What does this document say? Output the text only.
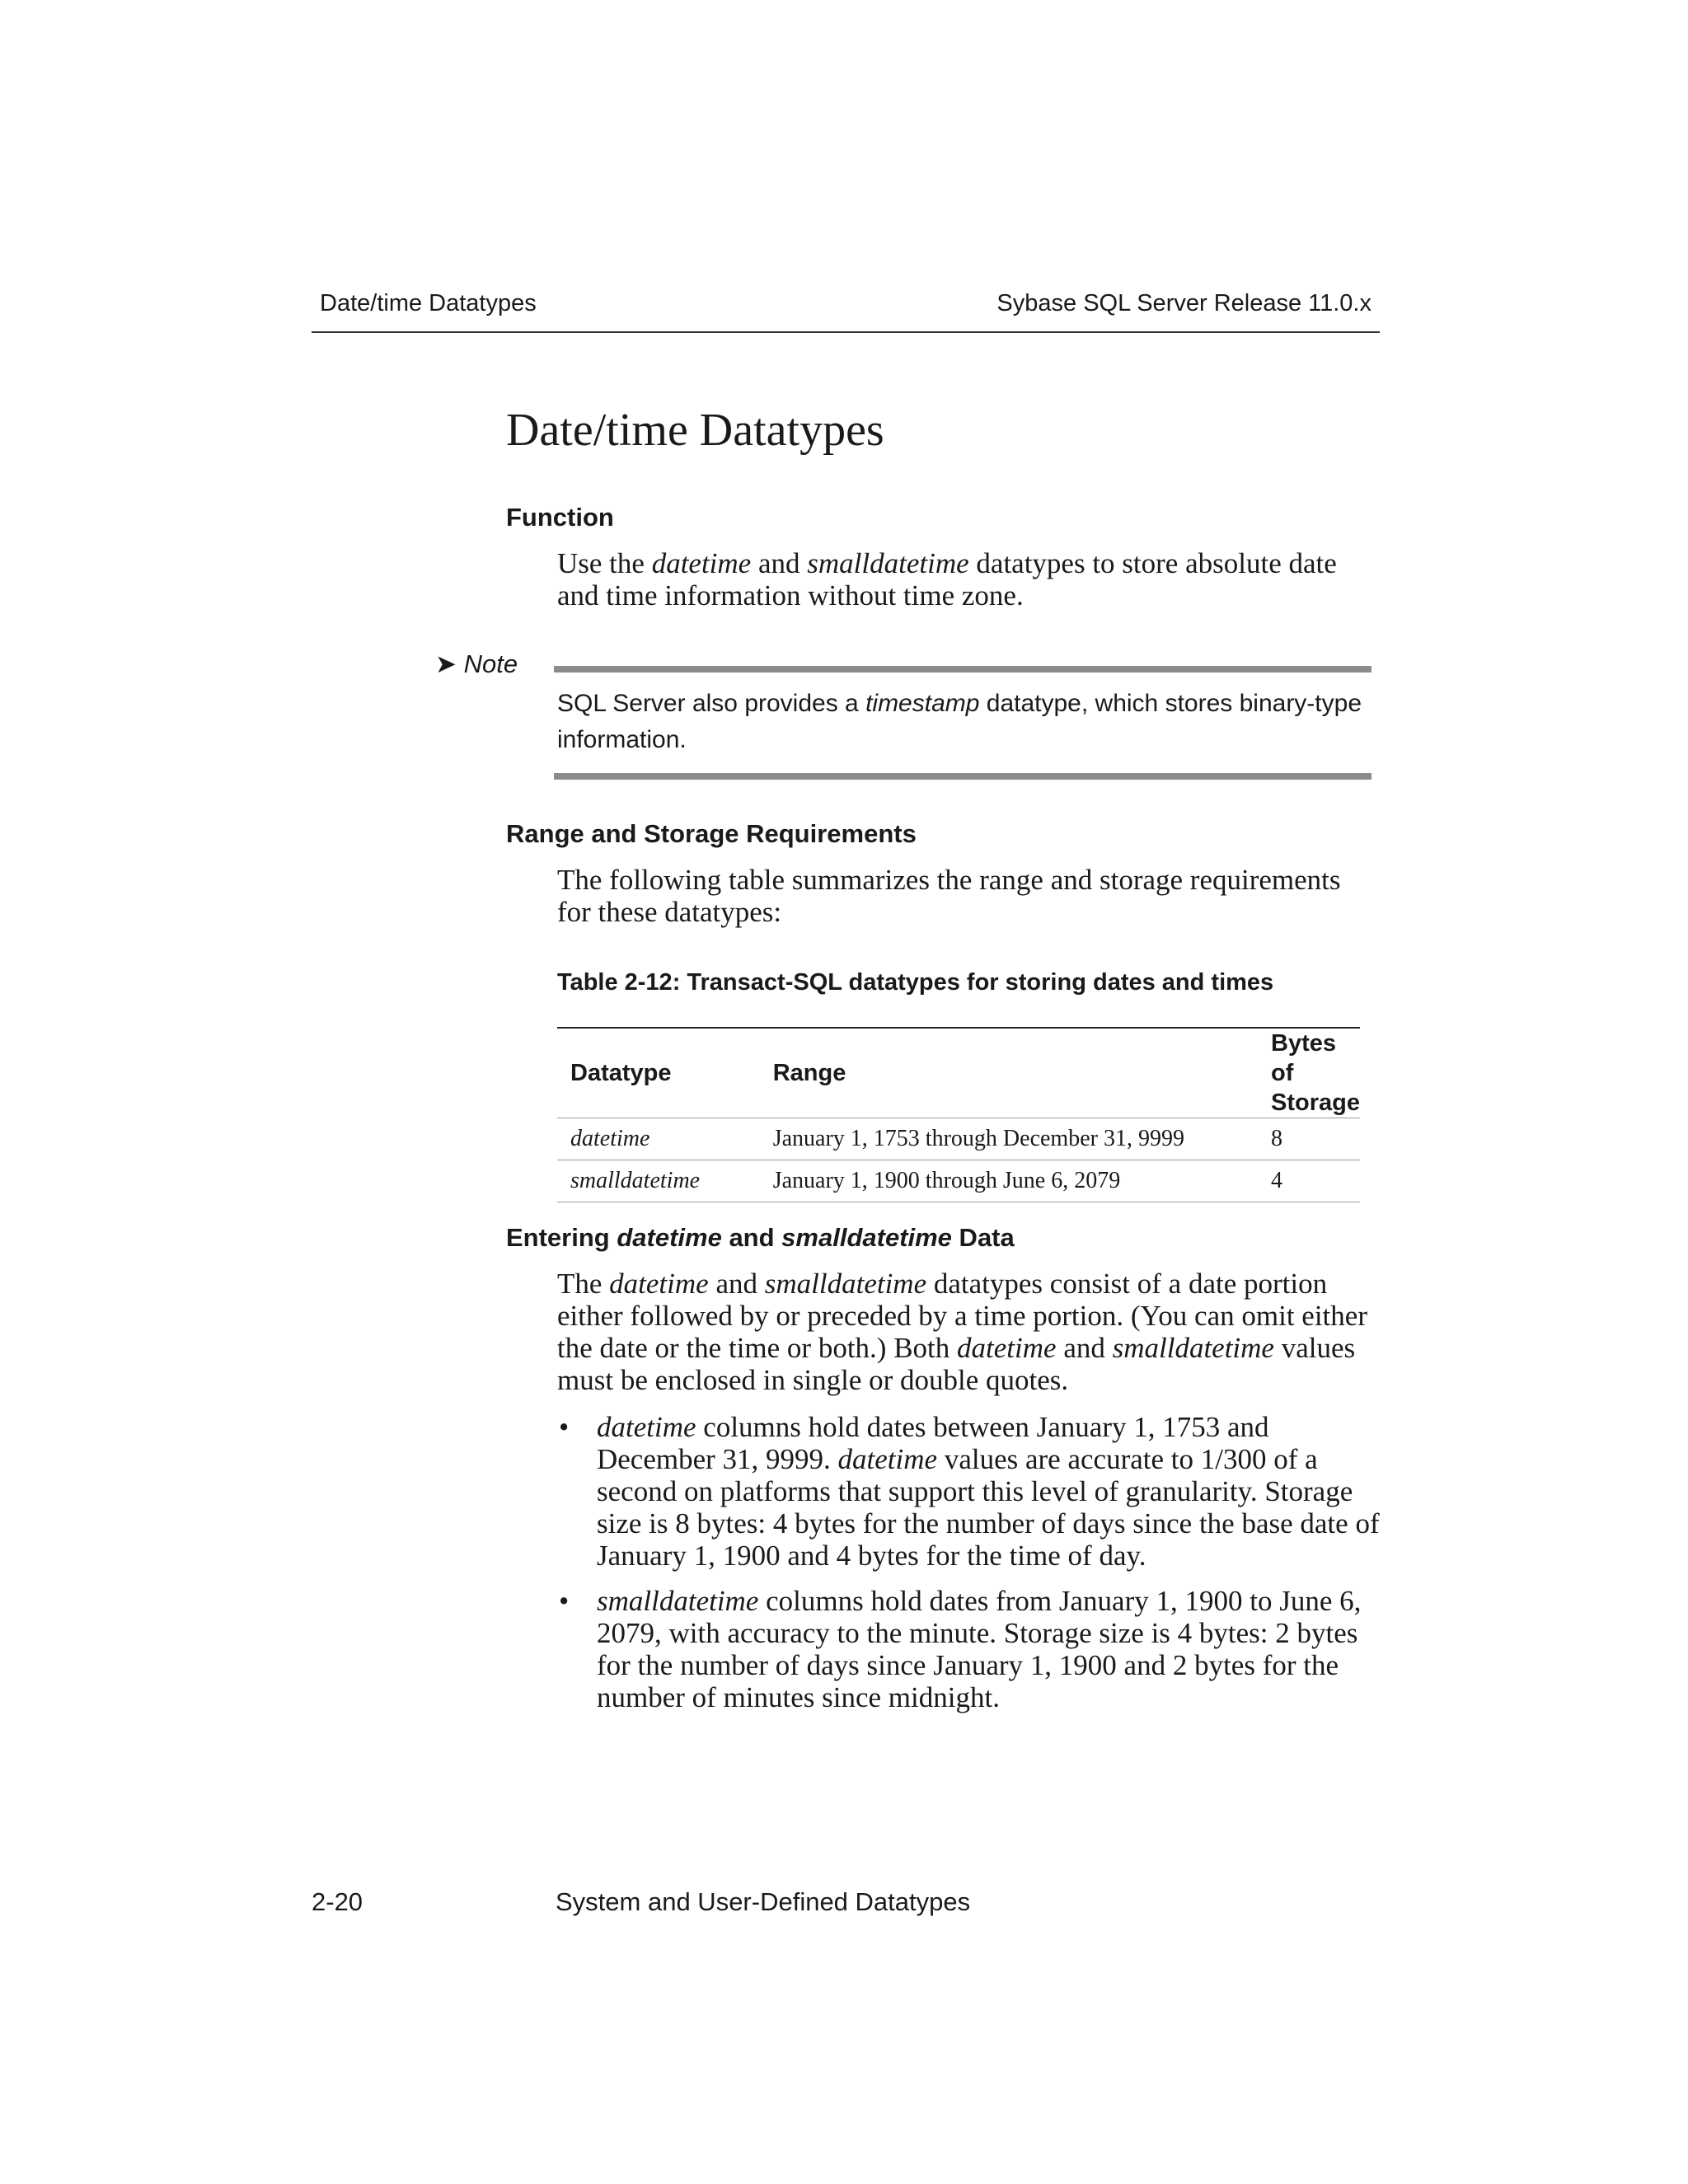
Date/time Datatypes	Sybase SQL Server Release 11.0.x
Date/time Datatypes
Function

Use the datetime and smalldatetime datatypes to store absolute date and time information without time zone.

➤ Note

SQL Server also provides a timestamp datatype, which stores binary-type information.

Range and Storage Requirements

The following table summarizes the range and storage requirements for these datatypes:

Table 2-12: Transact-SQL datatypes for storing dates and times

Datatype	Range	Bytes of Storage
datetime	January 1, 1753 through December 31, 9999	8
smalldatetime	January 1, 1900 through June 6, 2079	4
Entering datetime and smalldatetime Data

The datetime and smalldatetime datatypes consist of a date portion either followed by or preceded by a time portion. (You can omit either the date or the time or both.) Both datetime and smalldatetime values must be enclosed in single or double quotes.

• datetime columns hold dates between January 1, 1753 and December 31, 9999. datetime values are accurate to 1/300 of a second on platforms that support this level of granularity. Storage size is 8 bytes: 4 bytes for the number of days since the base date of January 1, 1900 and 4 bytes for the time of day.
• smalldatetime columns hold dates from January 1, 1900 to June 6, 2079, with accuracy to the minute. Storage size is 4 bytes: 2 bytes for the number of days since January 1, 1900 and 2 bytes for the number of minutes since midnight.
2-20	System and User-Defined Datatypes
